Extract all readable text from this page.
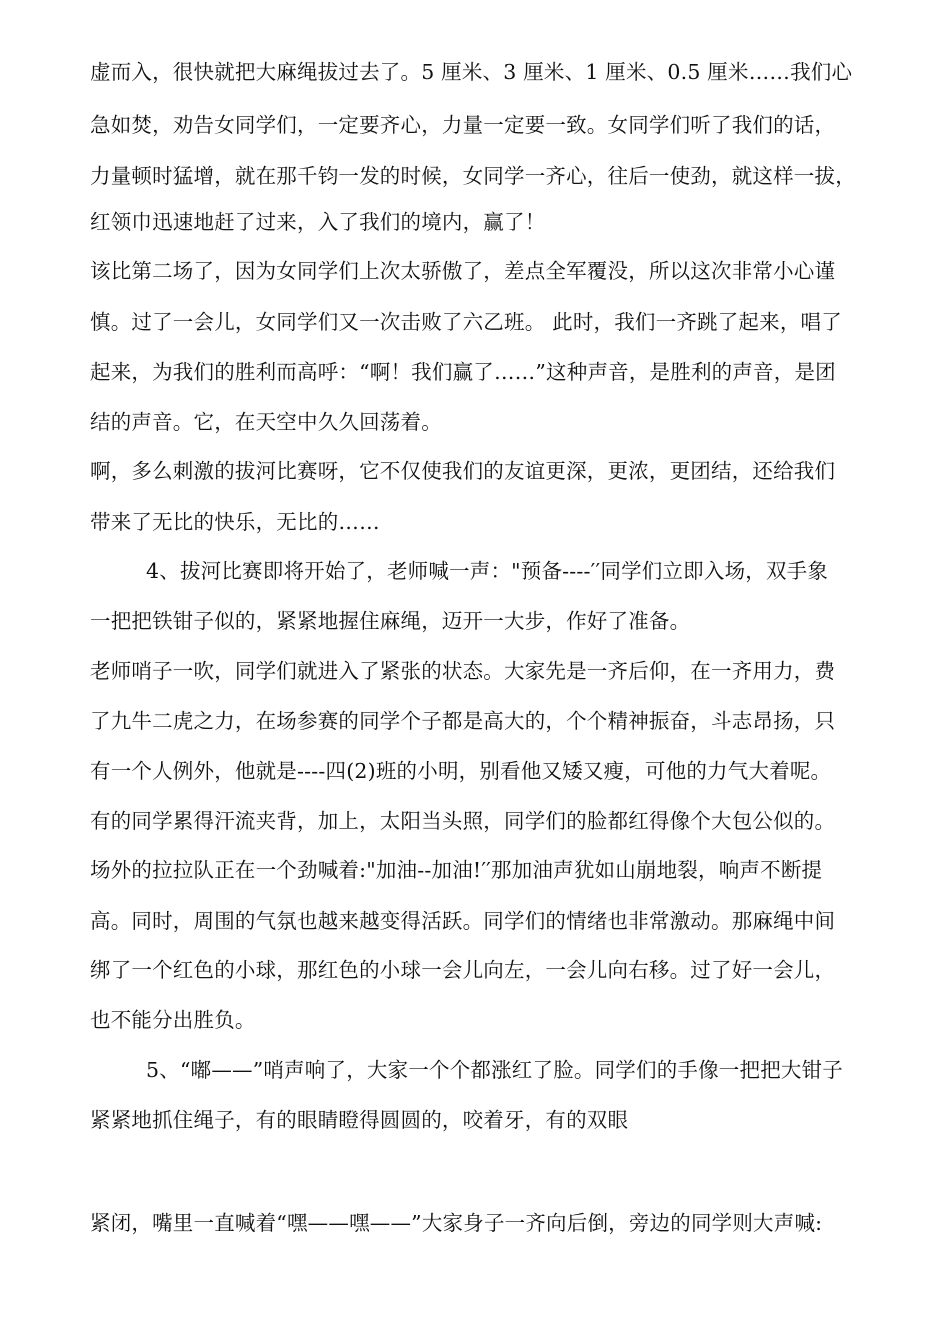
虚而入，很快就把大麻绳拔过去了。5 厘米、3 厘米、1 厘米、0.5 厘米……我们心
急如焚，劝告女同学们，一定要齐心，力量一定要一致。女同学们听了我们的话，
力量顿时猛增，就在那千钧一发的时候，女同学一齐心，往后一使劲，就这样一拔，
红领巾迅速地赶了过来，入了我们的境内，赢了！
该比第二场了，因为女同学们上次太骄傲了，差点全军覆没，所以这次非常小心谨
慎。过了一会儿，女同学们又一次击败了六乙班。 此时，我们一齐跳了起来，唱了
起来，为我们的胜利而高呼：“啊！我们赢了……”这种声音，是胜利的声音，是团
结的声音。它，在天空中久久回荡着。
啊，多么刺激的拔河比赛呀，它不仅使我们的友谊更深，更浓，更团结，还给我们
带来了无比的快乐，无比的……
4、拔河比赛即将开始了，老师喊一声："预备----′′同学们立即入场，双手象
一把把铁钳子似的，紧紧地握住麻绳，迈开一大步，作好了准备。
老师哨子一吹，同学们就进入了紧张的状态。大家先是一齐后仰，在一齐用力，费
了九牛二虎之力，在场参赛的同学个子都是高大的，个个精神振奋，斗志昂扬，只
有一个人例外，他就是----四(2)班的小明，别看他又矮又瘦，可他的力气大着呢。
有的同学累得汗流夹背，加上，太阳当头照，同学们的脸都红得像个大包公似的。
场外的拉拉队正在一个劲喊着:"加油--加油!′′那加油声犹如山崩地裂，响声不断提
高。同时，周围的气氛也越来越变得活跃。同学们的情绪也非常激动。那麻绳中间
绑了一个红色的小球，那红色的小球一会儿向左，一会儿向右移。过了好一会儿，
也不能分出胜负。
5、“嘟——”哨声响了，大家一个个都涨红了脸。同学们的手像一把把大钳子
紧紧地抓住绳子，有的眼睛瞪得圆圆的，咬着牙，有的双眼
紧闭，嘴里一直喊着“嘿——嘿——”大家身子一齐向后倒，旁边的同学则大声喊:
